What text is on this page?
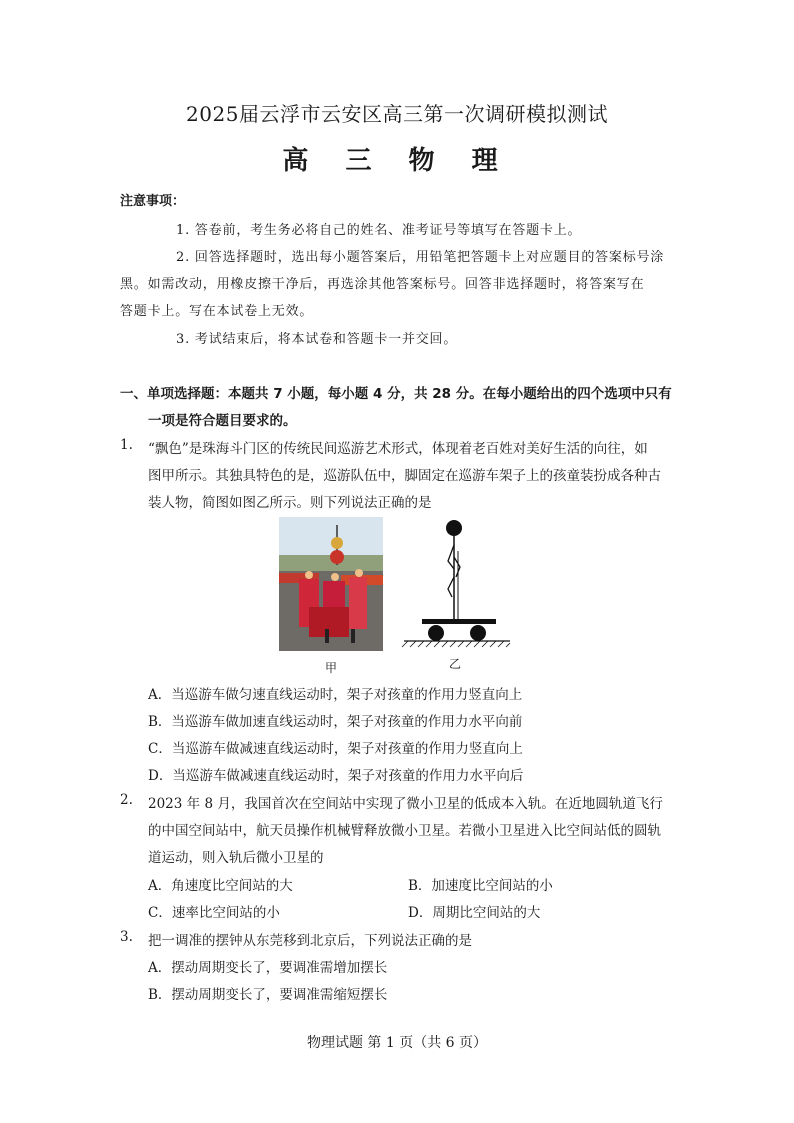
2025届云浮市云安区高三第一次调研模拟测试
高 三 物 理
注意事项：
1. 答卷前，考生务必将自己的姓名、准考证号等填写在答题卡上。
2. 回答选择题时，选出每小题答案后，用铅笔把答题卡上对应题目的答案标号涂
黑。如需改动，用橡皮擦干净后，再选涂其他答案标号。回答非选择题时，将答案写在
答题卡上。写在本试卷上无效。
3. 考试结束后，将本试卷和答题卡一并交回。
一、单项选择题：本题共 7 小题，每小题 4 分，共 28 分。在每小题给出的四个选项中只有
一项是符合题目要求的。
1. “飘色”是珠海斗门区的传统民间巡游艺术形式，体现着老百姓对美好生活的向往，如
图甲所示。其独具特色的是，巡游队伍中，脚固定在巡游车架子上的孩童装扮成各种古
装人物，简图如图乙所示。则下列说法正确的是
甲	乙
A．当巡游车做匀速直线运动时，架子对孩童的作用力竖直向上
B．当巡游车做加速直线运动时，架子对孩童的作用力水平向前
C．当巡游车做减速直线运动时，架子对孩童的作用力竖直向上
D．当巡游车做减速直线运动时，架子对孩童的作用力水平向后
2. 2023 年 8 月，我国首次在空间站中实现了微小卫星的低成本入轨。在近地圆轨道飞行
的中国空间站中，航天员操作机械臂释放微小卫星。若微小卫星进入比空间站低的圆轨
道运动，则入轨后微小卫星的
A．角速度比空间站的大	B．加速度比空间站的小
C．速率比空间站的小	D．周期比空间站的大
3. 把一调准的摆钟从东莞移到北京后，下列说法正确的是
A．摆动周期变长了，要调准需增加摆长
B．摆动周期变长了，要调准需缩短摆长
物理试题 第 1 页（共 6 页）
